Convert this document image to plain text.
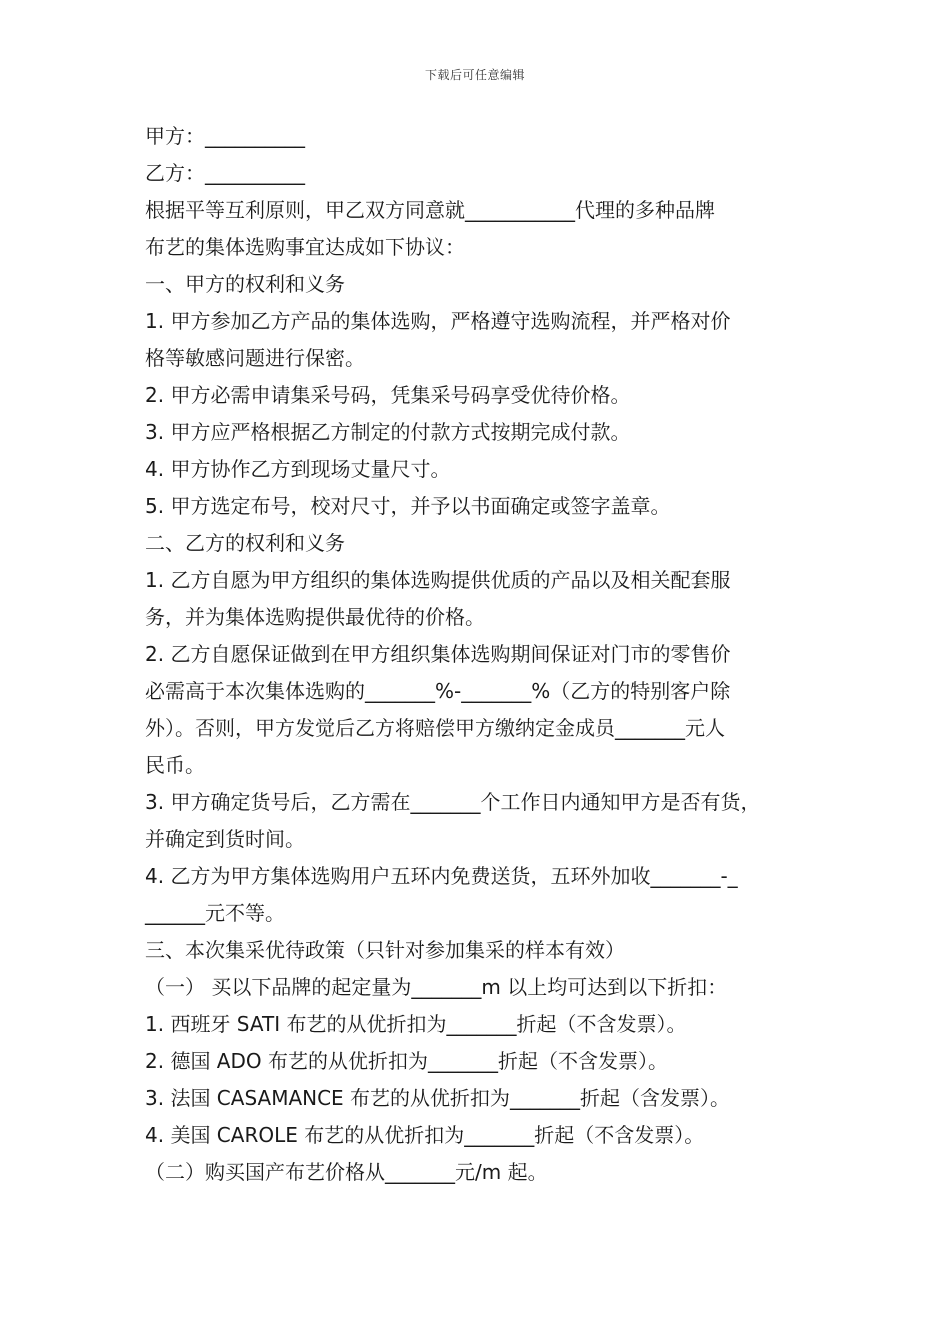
下载后可任意编辑
甲方：__________
乙方：__________
根据平等互利原则，甲乙双方同意就___________代理的多种品牌
布艺的集体选购事宜达成如下协议：
一、甲方的权利和义务
1. 甲方参加乙方产品的集体选购，严格遵守选购流程，并严格对价
格等敏感问题进行保密。
2. 甲方必需申请集采号码，凭集采号码享受优待价格。
3. 甲方应严格根据乙方制定的付款方式按期完成付款。
4. 甲方协作乙方到现场丈量尺寸。
5. 甲方选定布号，校对尺寸，并予以书面确定或签字盖章。
二、乙方的权利和义务
1. 乙方自愿为甲方组织的集体选购提供优质的产品以及相关配套服
务，并为集体选购提供最优待的价格。
2. 乙方自愿保证做到在甲方组织集体选购期间保证对门市的零售价
必需高于本次集体选购的_______%-_______%（乙方的特别客户除
外）。否则，甲方发觉后乙方将赔偿甲方缴纳定金成员_______元人
民币。
3. 甲方确定货号后，乙方需在_______个工作日内通知甲方是否有货，
并确定到货时间。
4. 乙方为甲方集体选购用户五环内免费送货，五环外加收_______-_
______元不等。
三、本次集采优待政策（只针对参加集采的样本有效）
（一） 买以下品牌的起定量为_______m 以上均可达到以下折扣：
1. 西班牙 SATI 布艺的从优折扣为_______折起（不含发票）。
2. 德国 ADO 布艺的从优折扣为_______折起（不含发票）。
3. 法国 CASAMANCE 布艺的从优折扣为_______折起（含发票）。
4. 美国 CAROLE 布艺的从优折扣为_______折起（不含发票）。
（二）购买国产布艺价格从_______元/m 起。
